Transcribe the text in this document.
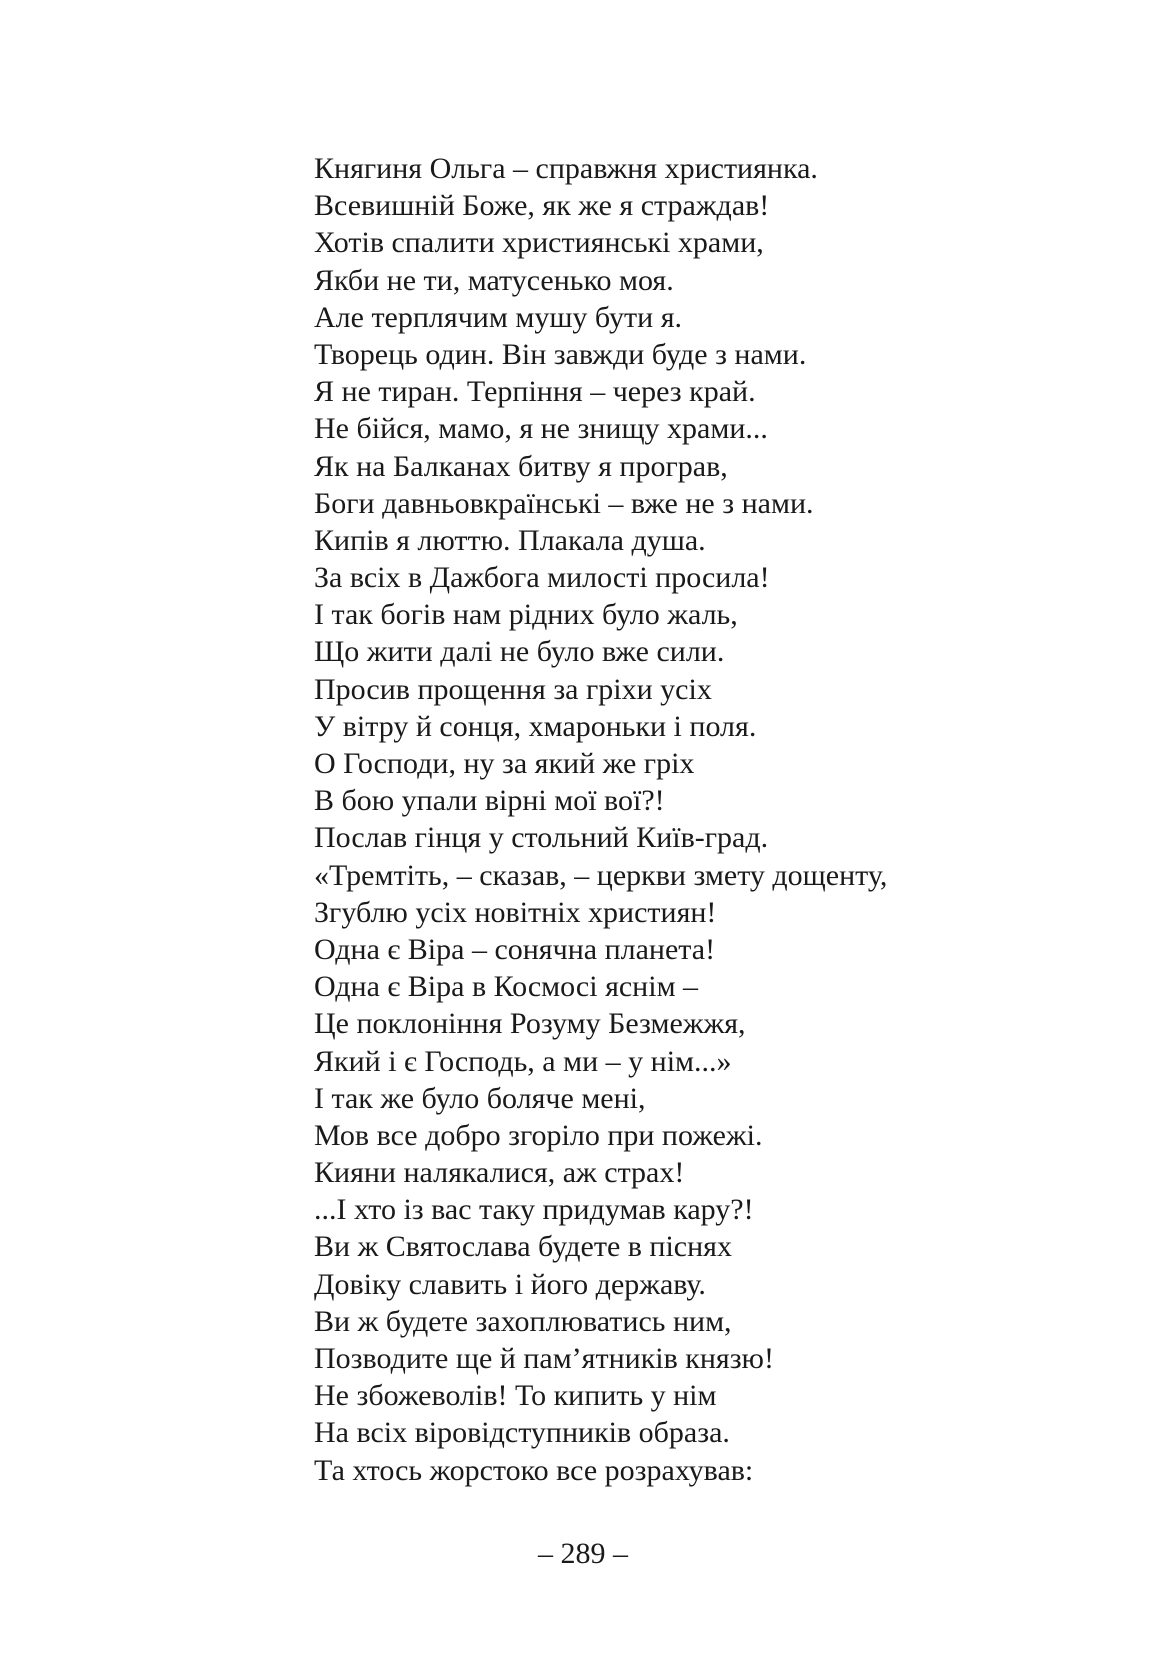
Княгиня Ольга – справжня християнка.
Всевишній Боже, як же я страждав!
Хотів спалити християнські храми,
Якби не ти, матусенько моя.
Але терплячим мушу бути я.
Творець один. Він завжди буде з нами.
Я не тиран. Терпіння – через край.
Не бійся, мамо, я не знищу храми...
Як на Балканах битву я програв,
Боги давньовкраїнські – вже не з нами.
Кипів я люттю. Плакала душа.
За всіх в Дажбога милості просила!
І так богів нам рідних було жаль,
Що жити далі не було вже сили.
Просив прощення за гріхи усіх
У вітру й сонця, хмароньки і поля.
О Господи, ну за який же гріх
В бою упали вірні мої вої?!
Послав гінця у стольний Київ-град.
«Тремтіть, – сказав, – церкви змету дощенту,
Згублю усіх новітніх християн!
Одна є Віра – сонячна планета!
Одна є Віра в Космосі яснім –
Це поклоніння Розуму Безмежжя,
Який і є Господь, а ми – у нім...»
І так же було боляче мені,
Мов все добро згоріло при пожежі.
Кияни налякалися, аж страх!
...І хто із вас таку придумав кару?!
Ви ж Святослава будете в піснях
Довіку славить і його державу.
Ви ж будете захоплюватись ним,
Позводите ще й пам’ятників князю!
Не збожеволів! То кипить у нім
На всіх віровідступників образа.
Та хтось жорстоко все розрахував:
– 289 –
